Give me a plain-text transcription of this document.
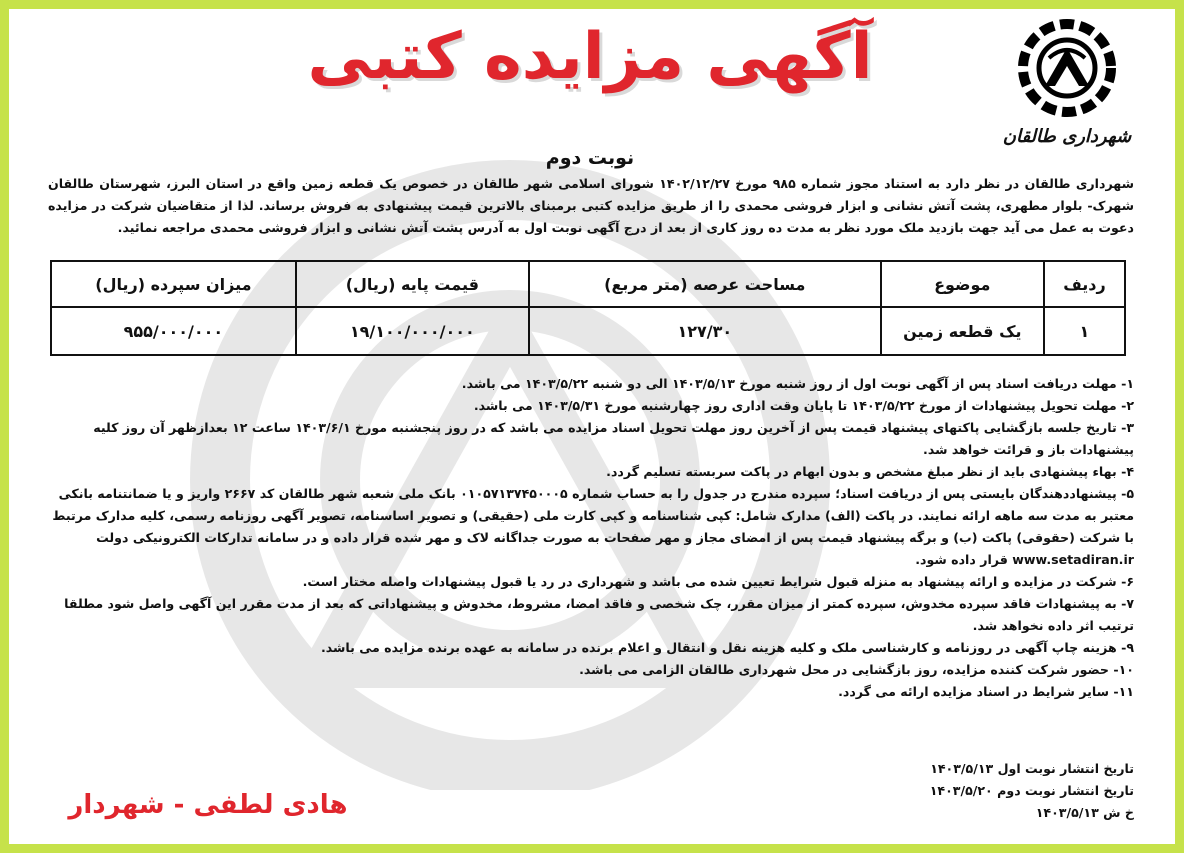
شهرداری طالقان
آگهی مزایده کتبی
نوبت دوم
شهرداری طالقان در نظر دارد به استناد مجوز شماره ۹۸۵ مورخ ۱۴۰۲/۱۲/۲۷ شورای اسلامی شهر طالقان در خصوص یک قطعه زمین واقع در استان البرز، شهرستان طالقان شهرک- بلوار مطهری، پشت آتش نشانی و ابزار فروشی محمدی را از طریق مزایده کتبی برمبنای بالاترین قیمت پیشنهادی به فروش برساند. لذا از متقاضیان شرکت در مزایده دعوت به عمل می آید جهت بازدید ملک مورد نظر به مدت ده روز کاری از بعد از درج آگهی نوبت اول به آدرس پشت آتش نشانی و ابزار فروشی محمدی مراجعه نمائید.
ردیف	موضوع	مساحت عرصه (متر مربع)	قیمت پایه (ریال)	میزان سپرده (ریال)
۱	یک قطعه زمین	۱۲۷/۳۰	۱۹/۱۰۰/۰۰۰/۰۰۰	۹۵۵/۰۰۰/۰۰۰

۱- مهلت دریافت اسناد پس از آگهی نوبت اول از روز شنبه مورخ ۱۴۰۳/۵/۱۳ الی دو شنبه ۱۴۰۳/۵/۲۲ می باشد.

۲- مهلت تحویل پیشنهادات از مورخ ۱۴۰۳/۵/۲۲ تا پایان وقت اداری روز چهارشنبه مورخ ۱۴۰۳/۵/۳۱ می باشد.

۳- تاریخ جلسه بازگشایی پاکتهای پیشنهاد قیمت پس از آخرین روز مهلت تحویل اسناد مزایده می باشد که در روز پنجشنبه مورخ ۱۴۰۳/۶/۱ ساعت ۱۲ بعدازظهر آن روز کلیه پیشنهادات باز و قرائت خواهد شد.

۴- بهاء پیشنهادی باید از نظر مبلغ مشخص و بدون ابهام در پاکت سربسته تسلیم گردد.

۵- پیشنهاددهندگان بایستی پس از دریافت اسناد؛ سپرده مندرج در جدول را به حساب شماره ۰۱۰۵۷۱۳۷۴۵۰۰۰۵ بانک ملی شعبه شهر طالقان کد ۲۶۶۷ واریز و یا ضمانتنامه بانکی معتبر به مدت سه ماهه ارائه نمایند. در پاکت (الف) مدارک شامل: کپی شناسنامه و کپی کارت ملی (حقیقی) و تصویر اساسنامه، تصویر آگهی روزنامه رسمی، کلیه مدارک مرتبط با شرکت (حقوقی) پاکت (ب) و برگه پیشنهاد قیمت پس از امضای مجاز و مهر صفحات به صورت جداگانه لاک و مهر شده قرار داده و در سامانه تدارکات الکترونیکی دولت www.setadiran.ir قرار داده شود.

۶- شرکت در مزایده و ارائه پیشنهاد به منزله قبول شرایط تعیین شده می باشد و شهرداری در رد یا قبول پیشنهادات واصله مختار است.

۷- به پیشنهادات فاقد سپرده مخدوش، سپرده کمتر از میزان مقرر، چک شخصی و فاقد امضا، مشروط، مخدوش و پیشنهاداتی که بعد از مدت مقرر این آگهی واصل شود مطلقا ترتیب اثر داده نخواهد شد.

۹- هزینه چاپ آگهی در روزنامه و کارشناسی ملک و کلیه هزینه نقل و انتقال و اعلام برنده در سامانه به عهده برنده مزایده می باشد.

۱۰- حضور شرکت کننده مزایده، روز بازگشایی در محل شهرداری طالقان الزامی می باشد.

۱۱- سایر شرایط در اسناد مزایده ارائه می گردد.

تاریخ انتشار نوبت اول ۱۴۰۳/۵/۱۳

تاریخ انتشار نوبت دوم ۱۴۰۳/۵/۲۰

خ ش ۱۴۰۳/۵/۱۳

هادی لطفی - شهردار
